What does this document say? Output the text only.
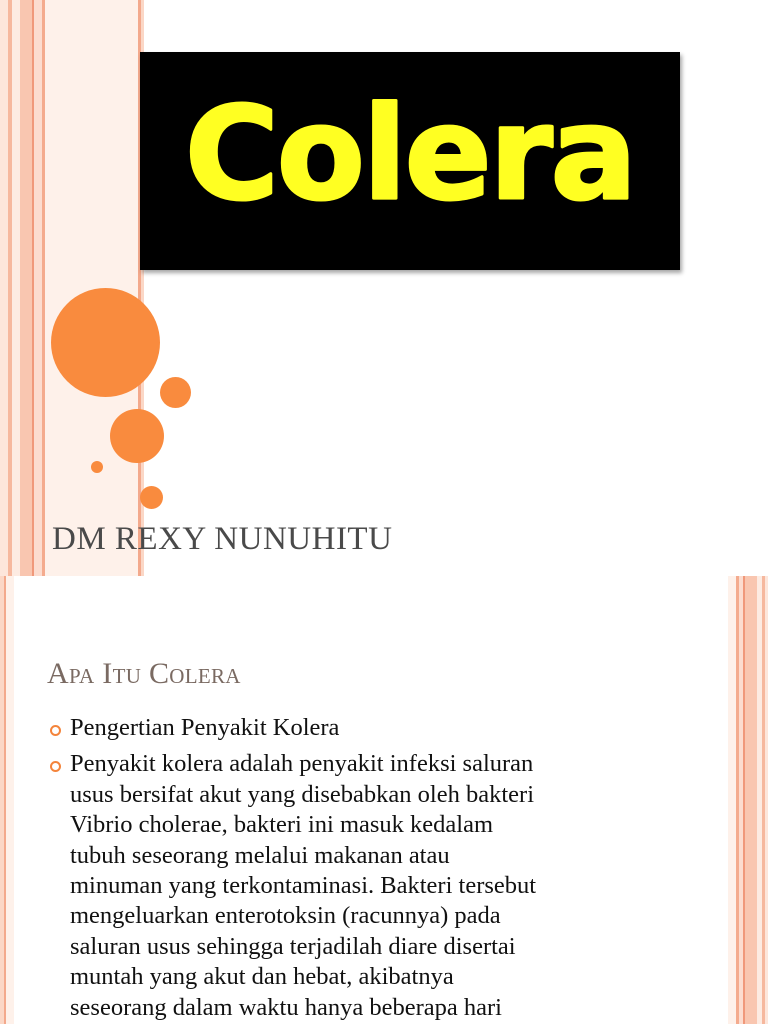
Colera
DM REXY NUNUHITU
Apa Itu Colera
Pengertian Penyakit Kolera
Penyakit kolera adalah penyakit infeksi saluran
usus bersifat akut yang disebabkan oleh bakteri
Vibrio cholerae, bakteri ini masuk kedalam
tubuh seseorang melalui makanan atau
minuman yang terkontaminasi. Bakteri tersebut
mengeluarkan enterotoksin (racunnya) pada
saluran usus sehingga terjadilah diare disertai
muntah yang akut dan hebat, akibatnya
seseorang dalam waktu hanya beberapa hari
